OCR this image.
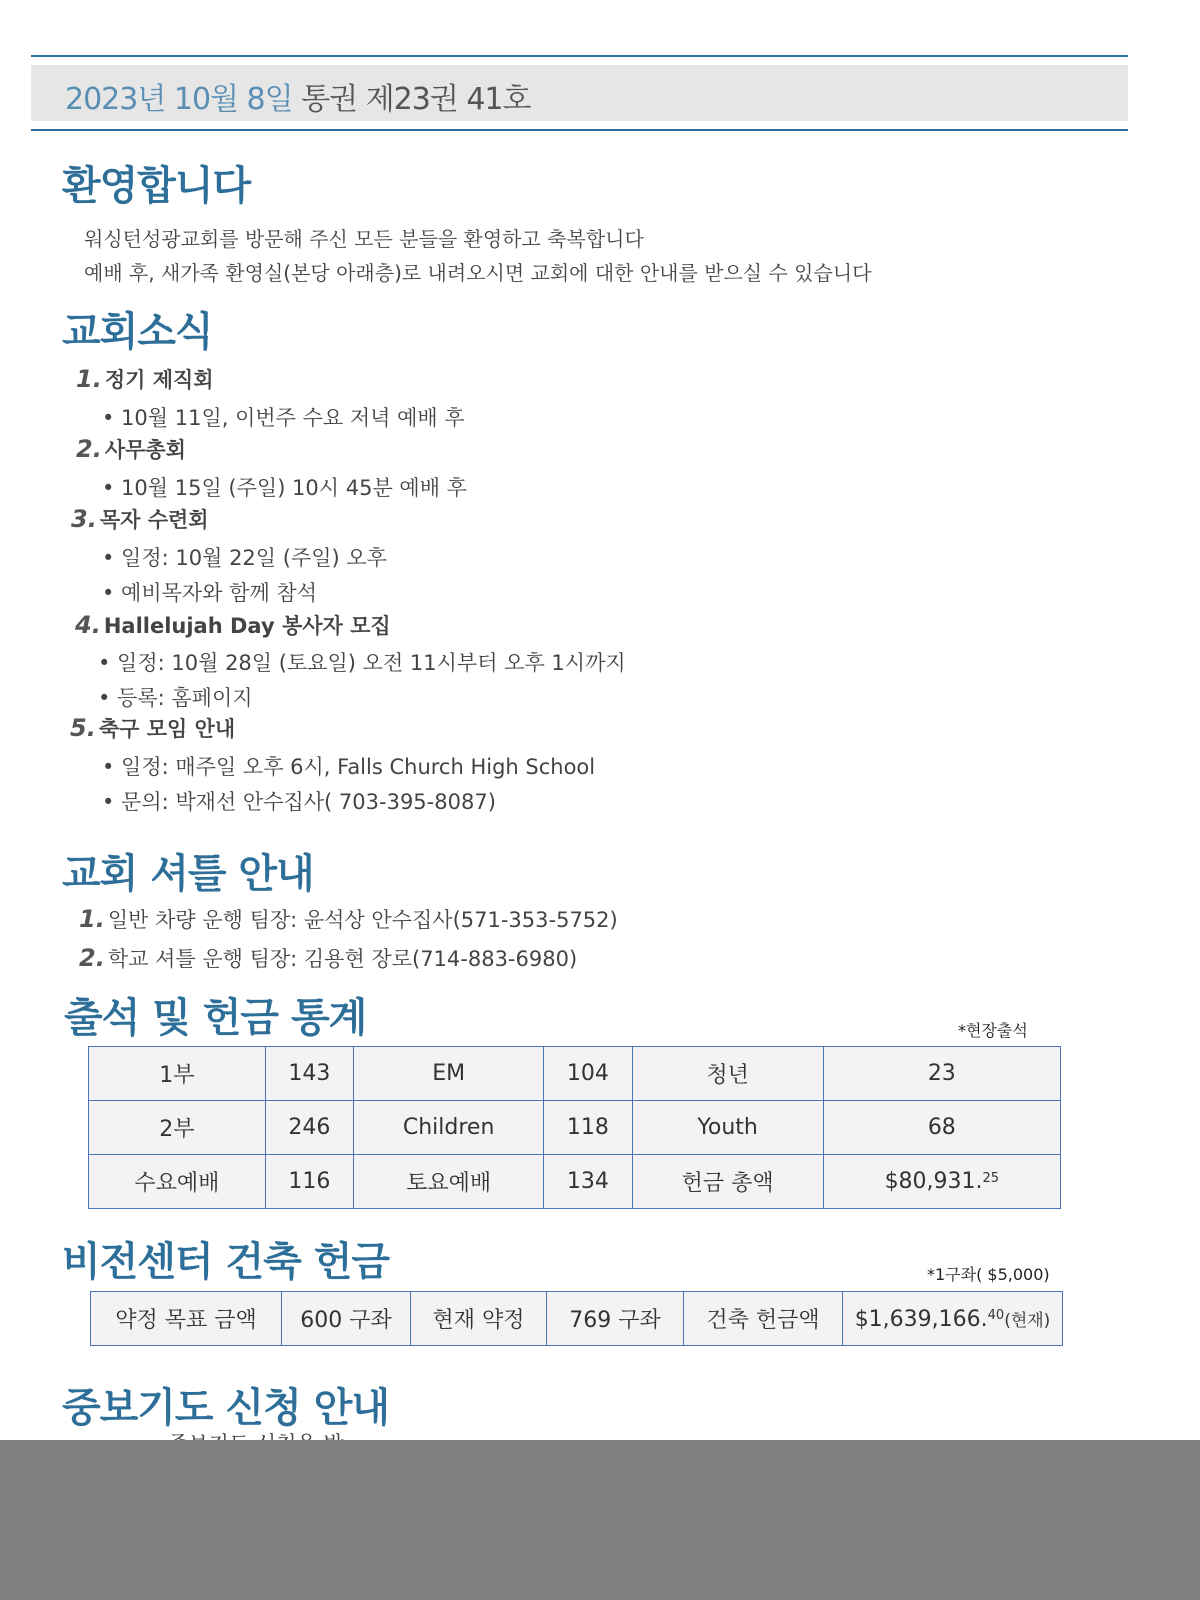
2023년 10월 8일 통권 제23권 41호
환영합니다
워싱턴성광교회를 방문해 주신 모든 분들을 환영하고 축복합니다
예배 후, 새가족 환영실(본당 아래층)로 내려오시면 교회에 대한 안내를 받으실 수 있습니다
교회소식
1. 정기 제직회
• 10월 11일, 이번주 수요 저녁 예배 후
2. 사무총회
• 10월 15일 (주일) 10시 45분 예배 후
3. 목자 수련회
• 일정: 10월 22일 (주일) 오후
• 예비목자와 함께 참석
4. Hallelujah Day 봉사자 모집
• 일정: 10월 28일 (토요일) 오전 11시부터 오후 1시까지
• 등록: 홈페이지
5. 축구 모임 안내
• 일정: 매주일 오후 6시, Falls Church High School
• 문의: 박재선 안수집사( 703-395-8087)
교회 셔틀 안내
1. 일반 차량 운행 팀장: 윤석상 안수집사(571-353-5752)
2. 학교 셔틀 운행 팀장: 김용현 장로(714-883-6980)
출석 및 헌금 통계	*현장출석
1부	143	EM	104	청년	23
2부	246	Children	118	Youth	68
수요예배	116	토요예배	134	헌금 총액	$80,931.25
비전센터 건축 헌금	*1구좌( $5,000)
약정 목표 금액	600 구좌	현재 약정	769 구좌	건축 헌금액	$1,639,166.40(현재)
중보기도 신청 안내
